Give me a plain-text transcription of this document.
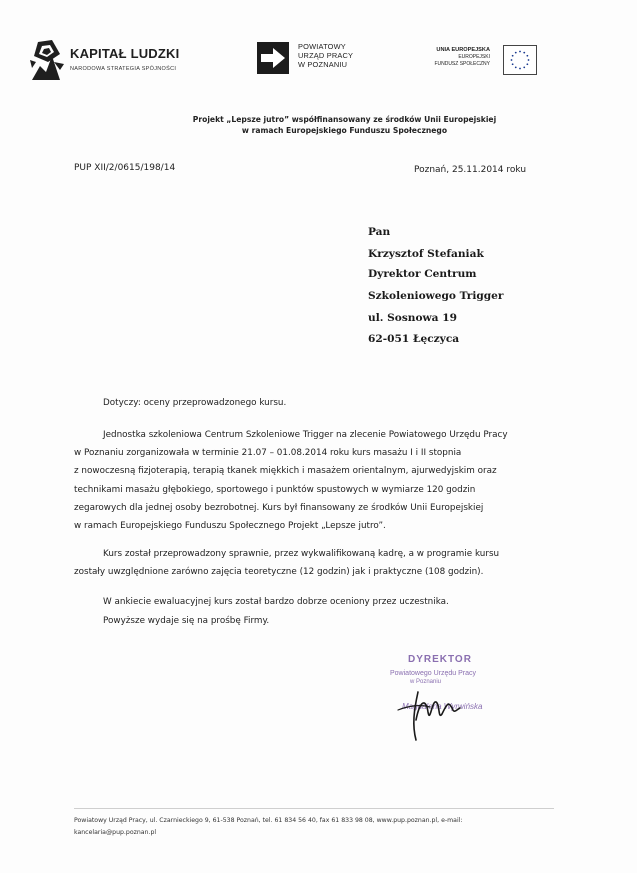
KAPITAŁ LUDZKI
NARODOWA STRATEGIA SPÓJNOŚCI
POWIATOWY
URZĄD PRACY
W POZNANIU
UNIA EUROPEJSKA
EUROPEJSKI
FUNDUSZ SPOŁECZNY
Projekt „Lepsze jutro” współfinansowany ze środków Unii Europejskiej
w ramach Europejskiego Funduszu Społecznego
PUP XII/2/0615/198/14	Poznań, 25.11.2014 roku
Pan
Krzysztof Stefaniak
Dyrektor Centrum
Szkoleniowego Trigger
ul. Sosnowa 19
62-051 Łęczyca
Dotyczy: oceny przeprowadzonego kursu.
Jednostka szkoleniowa Centrum Szkoleniowe Trigger na zlecenie Powiatowego Urzędu Pracy
w Poznaniu zorganizowała w terminie 21.07 – 01.08.2014 roku kurs masażu I i II stopnia
z nowoczesną fizjoterapią, terapią tkanek miękkich i masażem orientalnym, ajurwedyjskim oraz
technikami masażu głębokiego, sportowego i punktów spustowych w wymiarze 120 godzin
zegarowych dla jednej osoby bezrobotnej. Kurs był finansowany ze środków Unii Europejskiej
w ramach Europejskiego Funduszu Społecznego Projekt „Lepsze jutro”.
Kurs został przeprowadzony sprawnie, przez wykwalifikowaną kadrę, a w programie kursu
zostały uwzględnione zarówno zajęcia teoretyczne (12 godzin) jak i praktyczne (108 godzin).
W ankiecie ewaluacyjnej kurs został bardzo dobrze oceniony przez uczestnika.
Powyższe wydaje się na prośbę Firmy.
DYREKTOR
Powiatowego Urzędu Pracy
w Poznaniu
Magdalena Wyrwińska
Powiatowy Urząd Pracy, ul. Czarnieckiego 9, 61-538 Poznań, tel. 61 834 56 40, fax 61 833 98 08, www.pup.poznan.pl, e-mail:
kancelaria@pup.poznan.pl
